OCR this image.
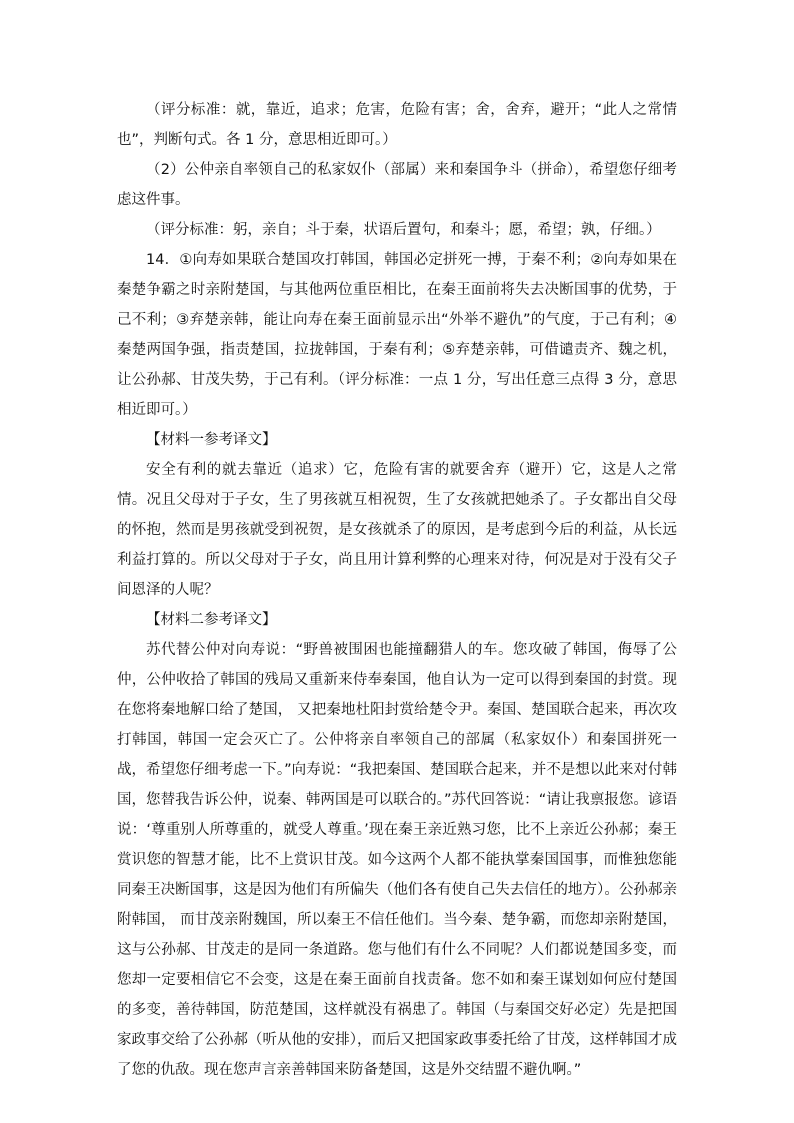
（评分标准：就，靠近，追求；危害，危险有害；舍，舍弃，避开；“此人之常情也”，判断句式。各 1 分，意思相近即可。）

（2）公仲亲自率领自己的私家奴仆（部属）来和秦国争斗（拼命），希望您仔细考虑这件事。

（评分标准：躬，亲自；斗于秦，状语后置句，和秦斗；愿，希望；孰，仔细。）

14．①向寿如果联合楚国攻打韩国，韩国必定拼死一搏，于秦不利；②向寿如果在秦楚争霸之时亲附楚国，与其他两位重臣相比，在秦王面前将失去决断国事的优势，于己不利；③弃楚亲韩，能让向寿在秦王面前显示出“外举不避仇”的气度，于己有利；④秦楚两国争强，指责楚国，拉拢韩国，于秦有利；⑤弃楚亲韩，可借谴责齐、魏之机，让公孙郝、甘茂失势，于己有利。（评分标准：一点 1 分，写出任意三点得 3 分，意思相近即可。）

【材料一参考译文】

安全有利的就去靠近（追求）它，危险有害的就要舍弃（避开）它，这是人之常情。况且父母对于子女，生了男孩就互相祝贺，生了女孩就把她杀了。子女都出自父母的怀抱，然而是男孩就受到祝贺，是女孩就杀了的原因，是考虑到今后的利益，从长远利益打算的。所以父母对于子女，尚且用计算利弊的心理来对待，何况是对于没有父子间恩泽的人呢？

【材料二参考译文】

苏代替公仲对向寿说：“野兽被围困也能撞翻猎人的车。您攻破了韩国，侮辱了公仲，公仲收拾了韩国的残局又重新来侍奉秦国，他自认为一定可以得到秦国的封赏。现在您将秦地解口给了楚国， 又把秦地杜阳封赏给楚令尹。秦国、楚国联合起来，再次攻打韩国，韩国一定会灭亡了。公仲将亲自率领自己的部属（私家奴仆）和秦国拼死一战，希望您仔细考虑一下。”向寿说：“我把秦国、楚国联合起来，并不是想以此来对付韩国，您替我告诉公仲，说秦、韩两国是可以联合的。”苏代回答说：“请让我禀报您。谚语说：‘尊重别人所尊重的，就受人尊重。’现在秦王亲近熟习您，比不上亲近公孙郝；秦王赏识您的智慧才能，比不上赏识甘茂。如今这两个人都不能执掌秦国国事，而惟独您能同秦王决断国事，这是因为他们有所偏失（他们各有使自己失去信任的地方）。公孙郝亲附韩国， 而甘茂亲附魏国，所以秦王不信任他们。当今秦、楚争霸，而您却亲附楚国，这与公孙郝、甘茂走的是同一条道路。您与他们有什么不同呢？人们都说楚国多变，而您却一定要相信它不会变，这是在秦王面前自找责备。您不如和秦王谋划如何应付楚国的多变，善待韩国，防范楚国，这样就没有祸患了。韩国（与秦国交好必定）先是把国家政事交给了公孙郝（听从他的安排），而后又把国家政事委托给了甘茂，这样韩国才成了您的仇敌。现在您声言亲善韩国来防备楚国，这是外交结盟不避仇啊。”
